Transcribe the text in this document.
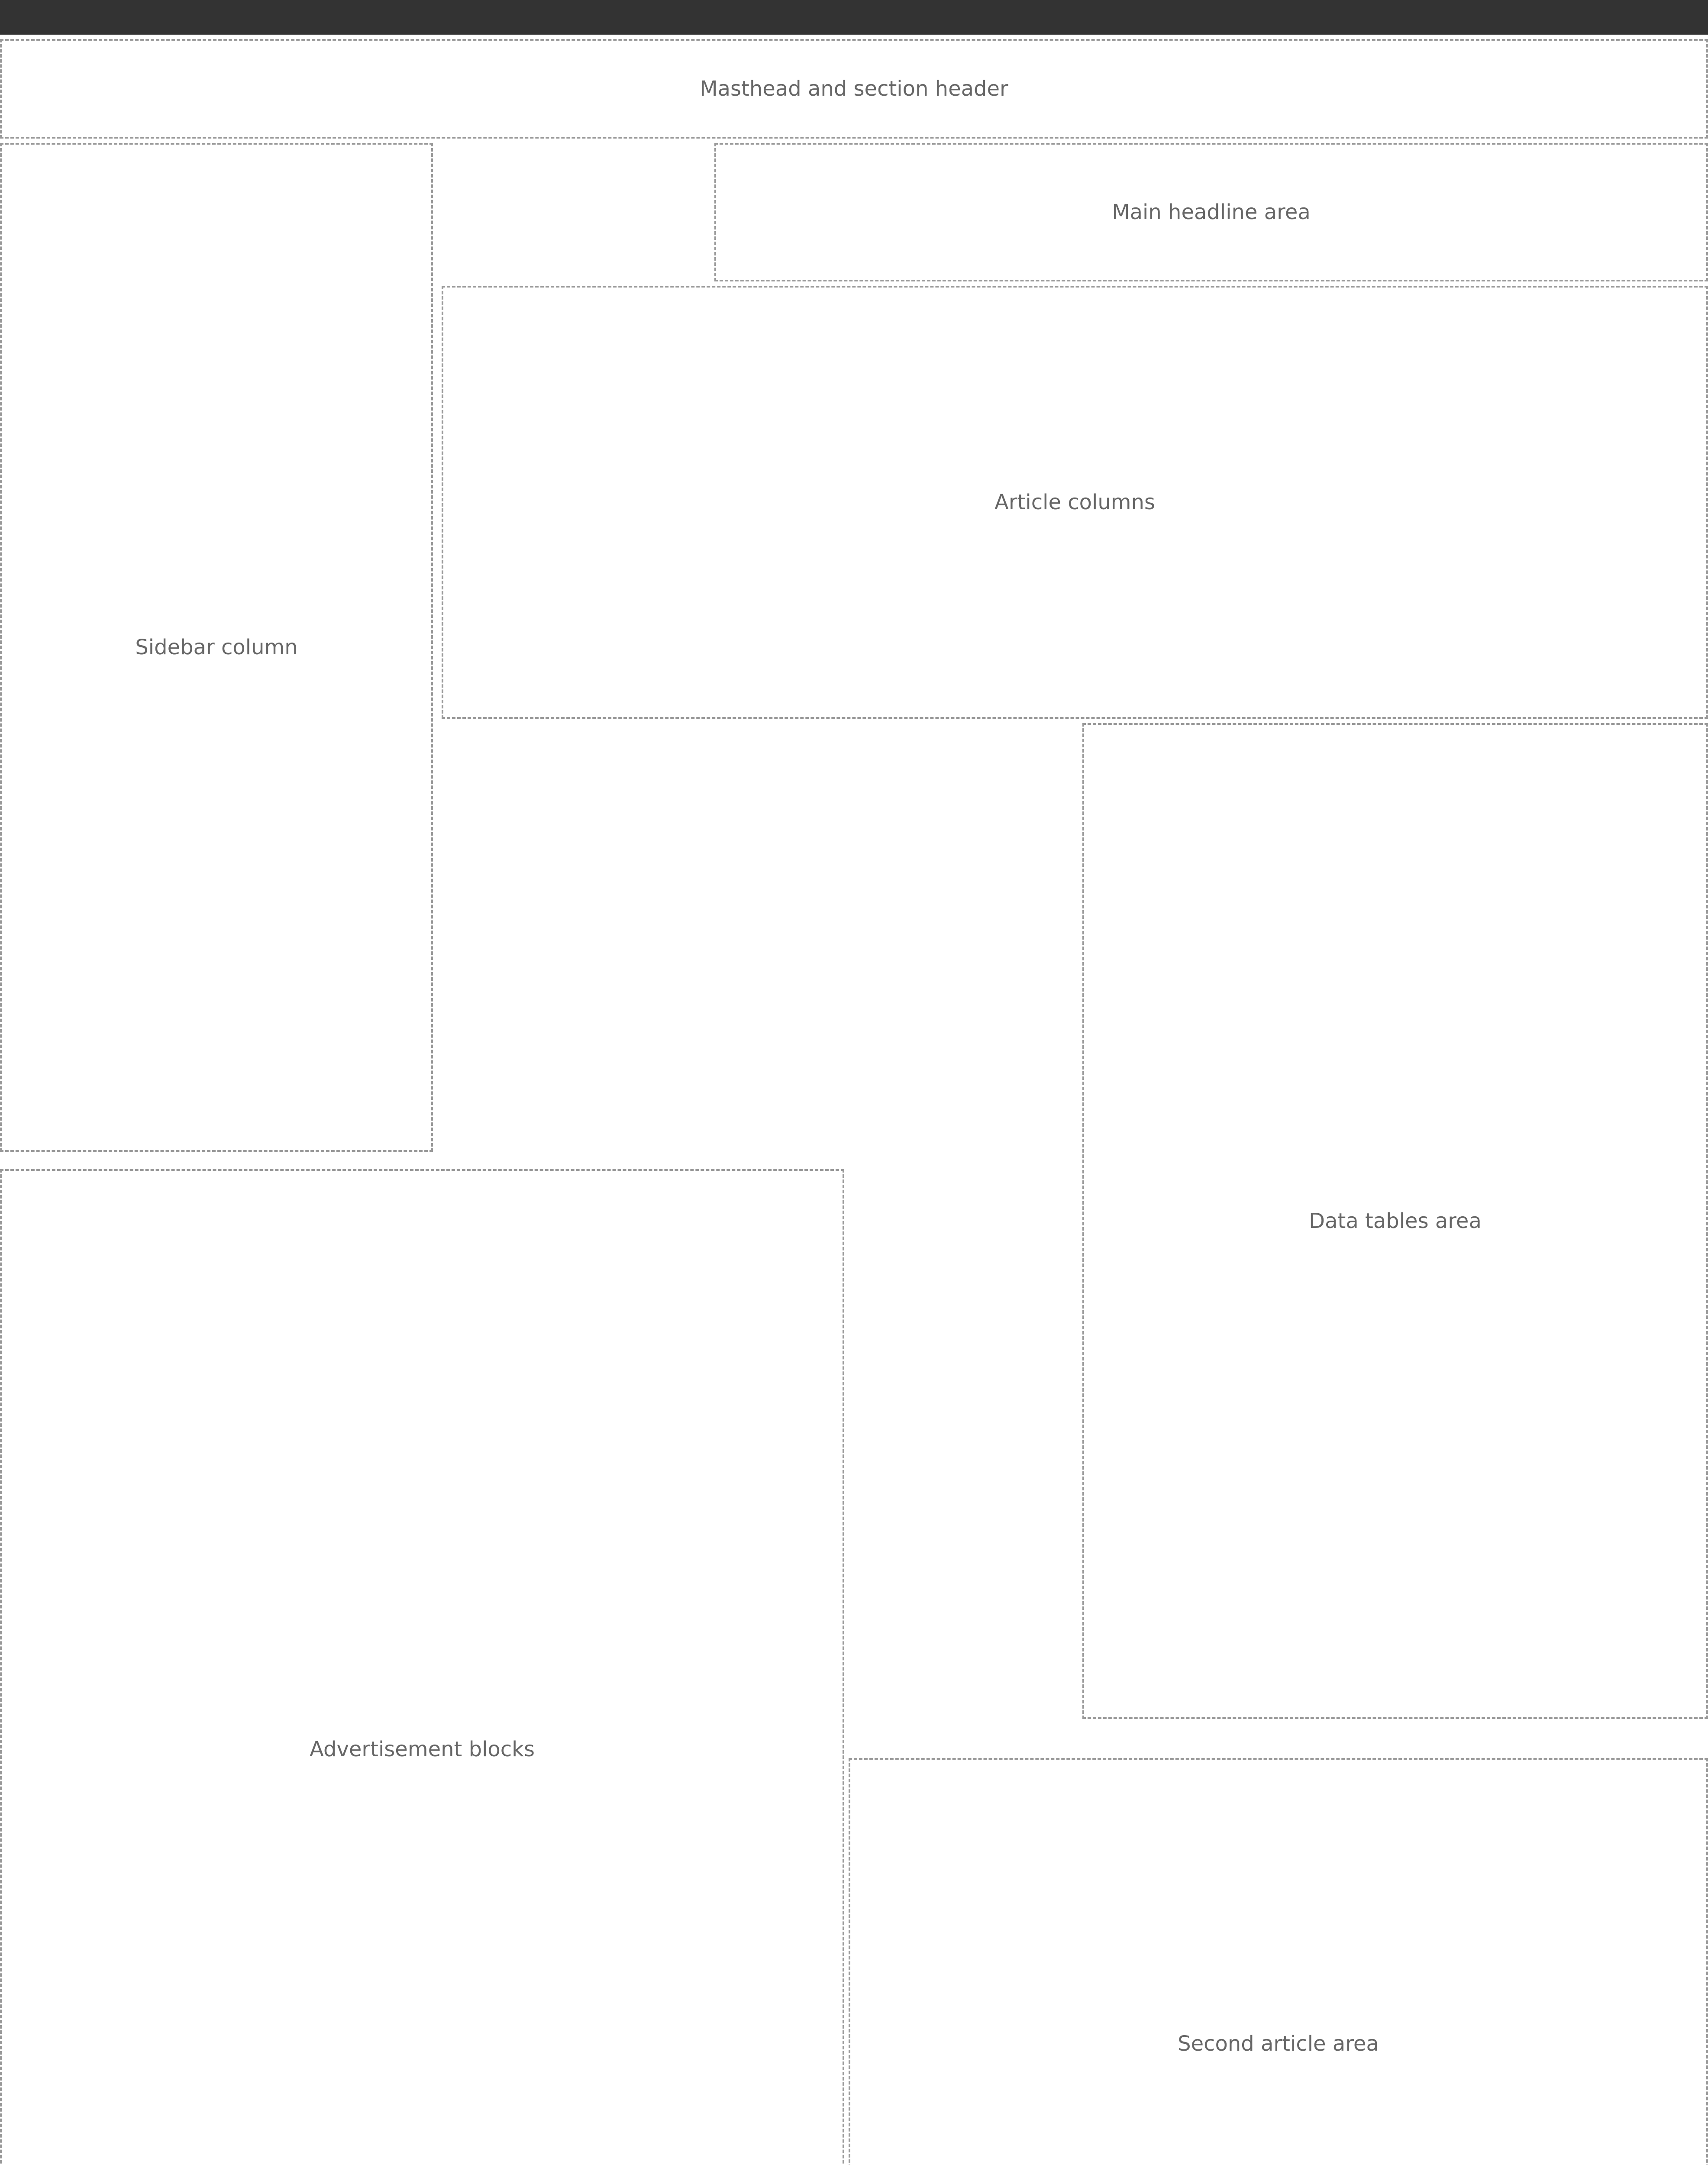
Masthead and section header
Main headline area
Sidebar column
Article columns
Data tables area
Advertisement blocks
Second article area
